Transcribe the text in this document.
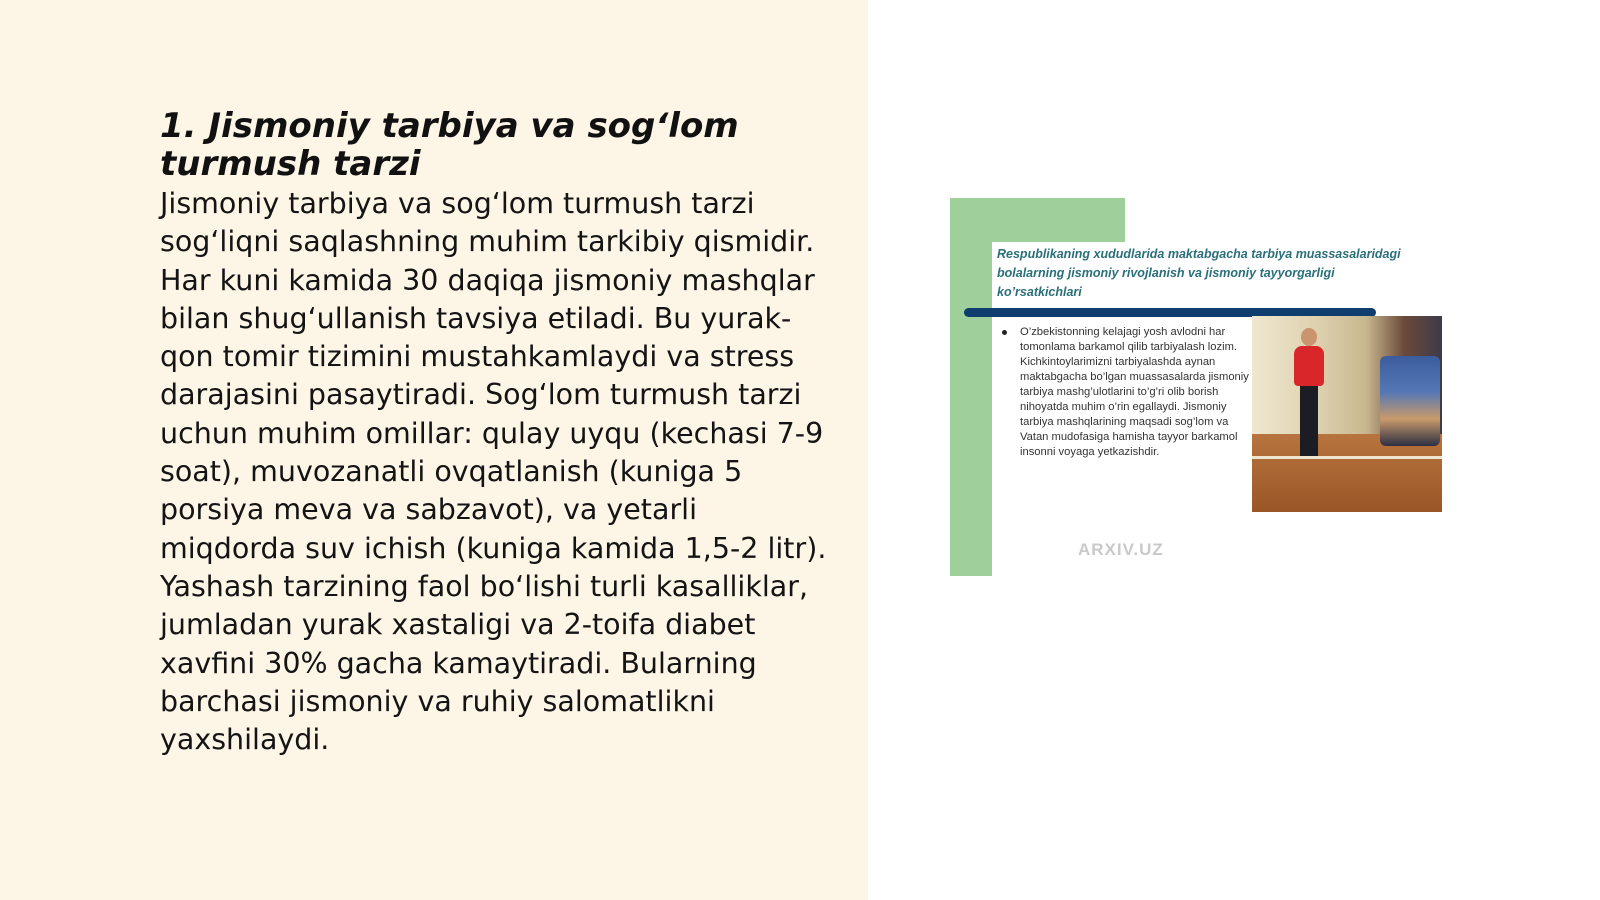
1. Jismoniy tarbiya va sog‘lom turmush tarzi

Jismoniy tarbiya va sog‘lom turmush tarzi sog‘liqni saqlashning muhim tarkibiy qismidir. Har kuni kamida 30 daqiqa jismoniy mashqlar bilan shug‘ullanish tavsiya etiladi. Bu yurak-qon tomir tizimini mustahkamlaydi va stress darajasini pasaytiradi. Sog‘lom turmush tarzi uchun muhim omillar: qulay uyqu (kechasi 7-9 soat), muvozanatli ovqatlanish (kuniga 5 porsiya meva va sabzavot), va yetarli miqdorda suv ichish (kuniga kamida 1,5-2 litr). Yashash tarzining faol bo‘lishi turli kasalliklar, jumladan yurak xastaligi va 2-toifa diabet xavfini 30% gacha kamaytiradi. Bularning barchasi jismoniy va ruhiy salomatlikni yaxshilaydi.

Respublikaning xududlarida maktabgacha tarbiya muassasalaridagi bolalarning jismoniy rivojlanish va jismoniy tayyorgarligi ko’rsatkichlari

O’zbekistonning kelajagi yosh avlodni har tomonlama barkamol qilib tarbiyalash lozim. Kichkintoylarimizni tarbiyalashda aynan maktabgacha bo’lgan muassasalarda jismoniy tarbiya mashg’ulotlarini to’g’ri olib borish nihoyatda muhim o’rin egallaydi. Jismoniy tarbiya mashqlarining maqsadi sog’lom va Vatan mudofasiga hamisha tayyor barkamol insonni voyaga yetkazishdir.

ARXIV.UZ
